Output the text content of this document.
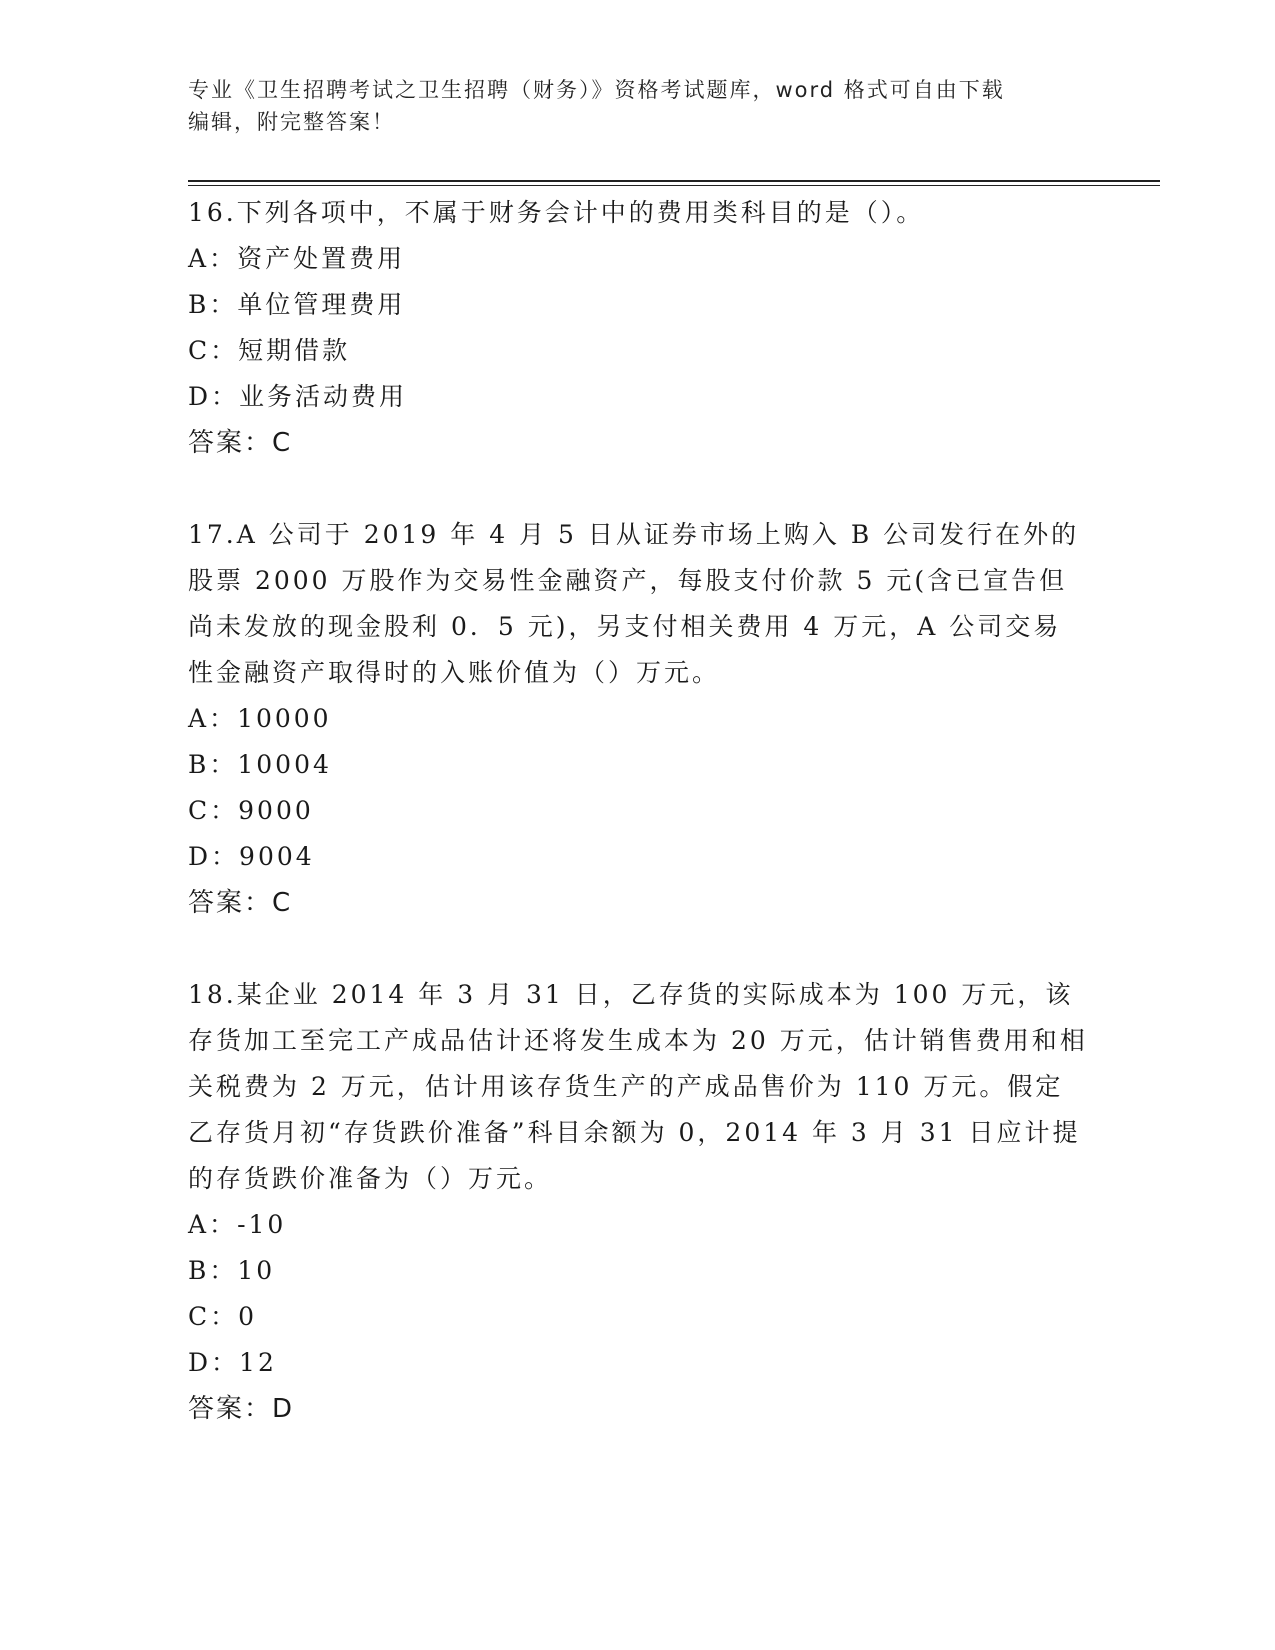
专业《卫生招聘考试之卫生招聘（财务）》资格考试题库，word 格式可自由下载
编辑，附完整答案！

16.下列各项中，不属于财务会计中的费用类科目的是（）。

A：资产处置费用

B：单位管理费用

C：短期借款

D：业务活动费用

答案：C

17.A 公司于 2019 年 4 月 5 日从证券市场上购入 B 公司发行在外的股票 2000 万股作为交易性金融资产，每股支付价款 5 元(含已宣告但尚未发放的现金股利 0．5 元)，另支付相关费用 4 万元，A 公司交易性金融资产取得时的入账价值为（）万元。

A：10000

B：10004

C：9000

D：9004

答案：C

18.某企业 2014 年 3 月 31 日，乙存货的实际成本为 100 万元，该存货加工至完工产成品估计还将发生成本为 20 万元，估计销售费用和相关税费为 2 万元，估计用该存货生产的产成品售价为 110 万元。假定乙存货月初“存货跌价准备”科目余额为 0，2014 年 3 月 31 日应计提的存货跌价准备为（）万元。

A：-10

B：10

C：0

D：12

答案：D
